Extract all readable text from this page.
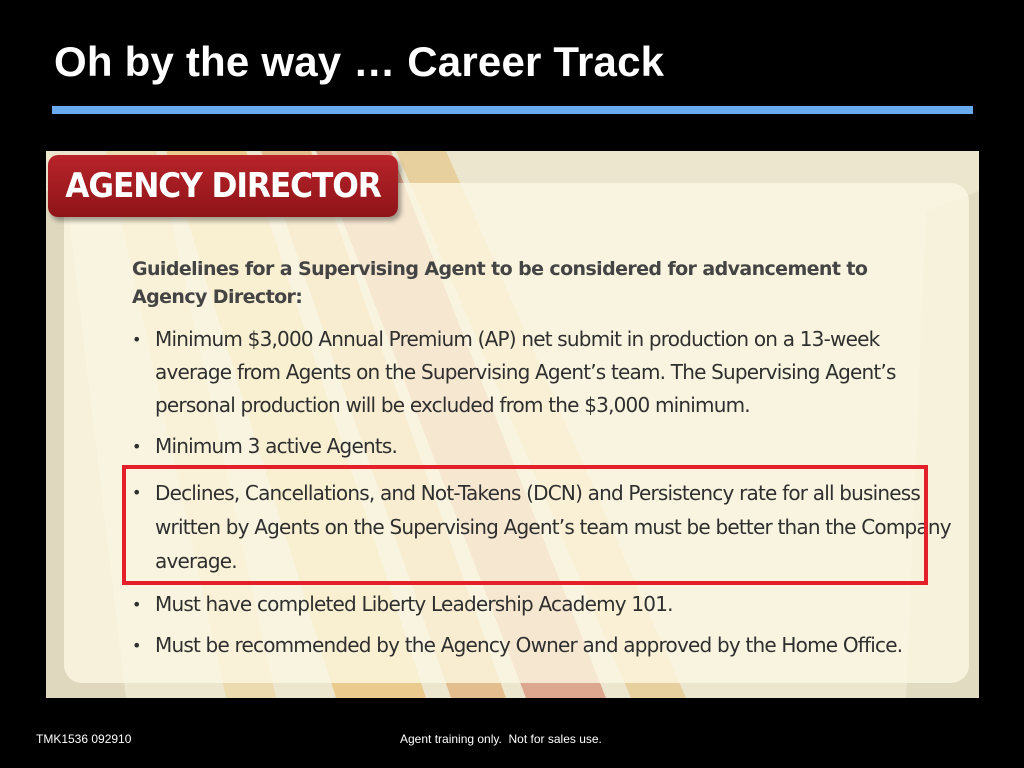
Oh by the way … Career Track
AGENCY DIRECTOR
Guidelines for a Supervising Agent to be considered for advancement to
Agency Director:
• Minimum $3,000 Annual Premium (AP) net submit in production on a 13-week average from Agents on the Supervising Agent’s team. The Supervising Agent’s personal production will be excluded from the $3,000 minimum.
• Minimum 3 active Agents.
• Declines, Cancellations, and Not-Takens (DCN) and Persistency rate for all business written by Agents on the Supervising Agent’s team must be better than the Company average.
• Must have completed Liberty Leadership Academy 101.
• Must be recommended by the Agency Owner and approved by the Home Office.
TMK1536 092910	Agent training only.  Not for sales use.
